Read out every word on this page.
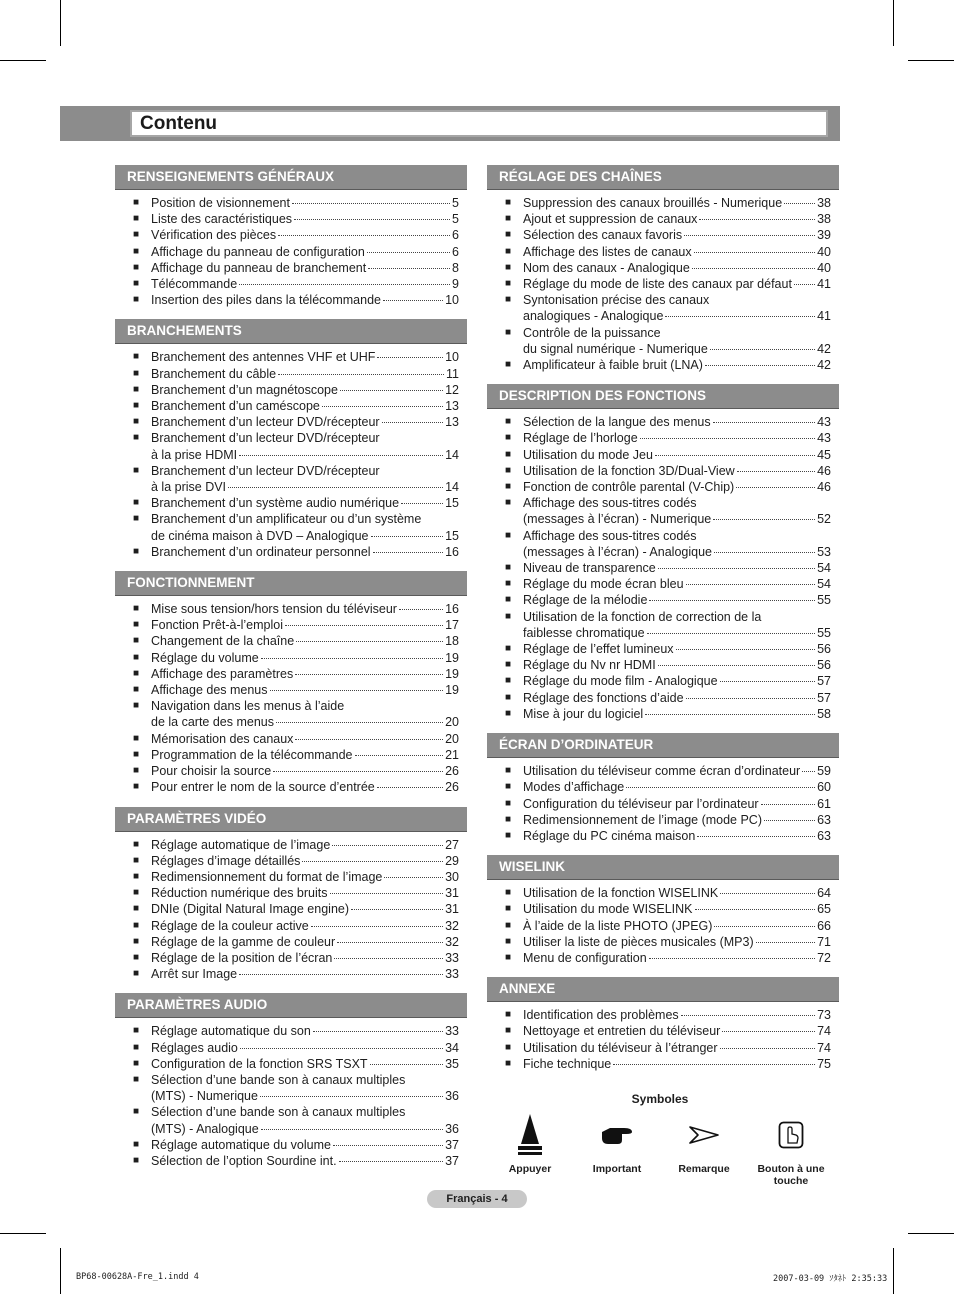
Contenu
RENSEIGNEMENTS GÉNÉRAUX
■ Position de visionnement	5
■ Liste des caractéristiques	5
■ Vérification des pièces	6
■ Affichage du panneau de configuration	6
■ Affichage du panneau de branchement	8
■ Télécommande	9
■ Insertion des piles dans la télécommande	10
BRANCHEMENTS
■ Branchement des antennes VHF et UHF	10
■ Branchement du câble	11
■ Branchement d’un magnétoscope	12
■ Branchement d’un caméscope	13
■ Branchement d’un lecteur DVD/récepteur	13
■ Branchement d’un lecteur DVD/récepteur
à la prise HDMI	14
■ Branchement d’un lecteur DVD/récepteur
à la prise DVI	14
■ Branchement d’un système audio numérique	15
■ Branchement d’un amplificateur ou d’un système
de cinéma maison à DVD – Analogique	15
■ Branchement d’un ordinateur personnel	16
FONCTIONNEMENT
■ Mise sous tension/hors tension du téléviseur	16
■ Fonction Prêt-à-l’emploi	17
■ Changement de la chaîne	18
■ Réglage du volume	19
■ Affichage des paramètres	19
■ Affichage des menus	19
■ Navigation dans les menus à l’aide
de la carte des menus	20
■ Mémorisation des canaux	20
■ Programmation de la télécommande	21
■ Pour choisir la source	26
■ Pour entrer le nom de la source d’entrée	26
PARAMÈTRES VIDÉO
■ Réglage automatique de l’image	27
■ Réglages d’image détaillés	29
■ Redimensionnement du format de l’image	30
■ Réduction numérique des bruits	31
■ DNIe (Digital Natural Image engine)	31
■ Réglage de la couleur active	32
■ Réglage de la gamme de couleur	32
■ Réglage de la position de l’écran	33
■ Arrêt sur Image	33
PARAMÈTRES AUDIO
■ Réglage automatique du son	33
■ Réglages audio	34
■ Configuration de la fonction SRS TSXT	35
■ Sélection d’une bande son à canaux multiples
(MTS) - Numerique	36
■ Sélection d’une bande son à canaux multiples
(MTS) - Analogique	36
■ Réglage automatique du volume	37
■ Sélection de l’option Sourdine int.	37
RÉGLAGE DES CHAÎNES
■ Suppression des canaux brouillés - Numerique	38
■ Ajout et suppression de canaux	38
■ Sélection des canaux favoris	39
■ Affichage des listes de canaux	40
■ Nom des canaux - Analogique	40
■ Réglage du mode de liste des canaux par défaut 41
■ Syntonisation précise des canaux
analogiques - Analogique	41
■ Contrôle de la puissance
du signal numérique - Numerique	42
■ Amplificateur à faible bruit (LNA)	42
DESCRIPTION DES FONCTIONS
■ Sélection de la langue des menus	43
■ Réglage de l’horloge	43
■ Utilisation du mode Jeu	45
■ Utilisation de la fonction 3D/Dual-View	46
■ Fonction de contrôle parental (V-Chip)	46
■ Affichage des sous-titres codés
(messages à l’écran) - Numerique	52
■ Affichage des sous-titres codés
(messages à l’écran) - Analogique	53
■ Niveau de transparence	54
■ Réglage du mode écran bleu	54
■ Réglage de la mélodie	55
■ Utilisation de la fonction de correction de la
faiblesse chromatique	55
■ Réglage de l’effet lumineux	56
■ Réglage du Nv nr HDMI	56
■ Réglage du mode film - Analogique	57
■ Réglage des fonctions d’aide	57
■ Mise à jour du logiciel	58
ÉCRAN D’ORDINATEUR
■ Utilisation du téléviseur comme écran d’ordinateur 59
■ Modes d’affichage	60
■ Configuration du téléviseur par l’ordinateur	61
■ Redimensionnement de l’image (mode PC)	63
■ Réglage du PC cinéma maison	63
WISELINK
■ Utilisation de la fonction WISELINK	64
■ Utilisation du mode WISELINK	65
■ À l’aide de la liste PHOTO (JPEG)	66
■ Utiliser la liste de pièces musicales (MP3)	71
■ Menu de configuration	72
ANNEXE
■ Identification des problèmes	73
■ Nettoyage et entretien du téléviseur	74
■ Utilisation du téléviseur à l’étranger	74
■ Fiche technique	75
Symboles
Appuyer	Important	Remarque	Bouton à une touche
Français - 4
BP68-00628A-Fre_1.indd 4	2007-03-09 ｿﾀﾈﾄ 2:35:33
